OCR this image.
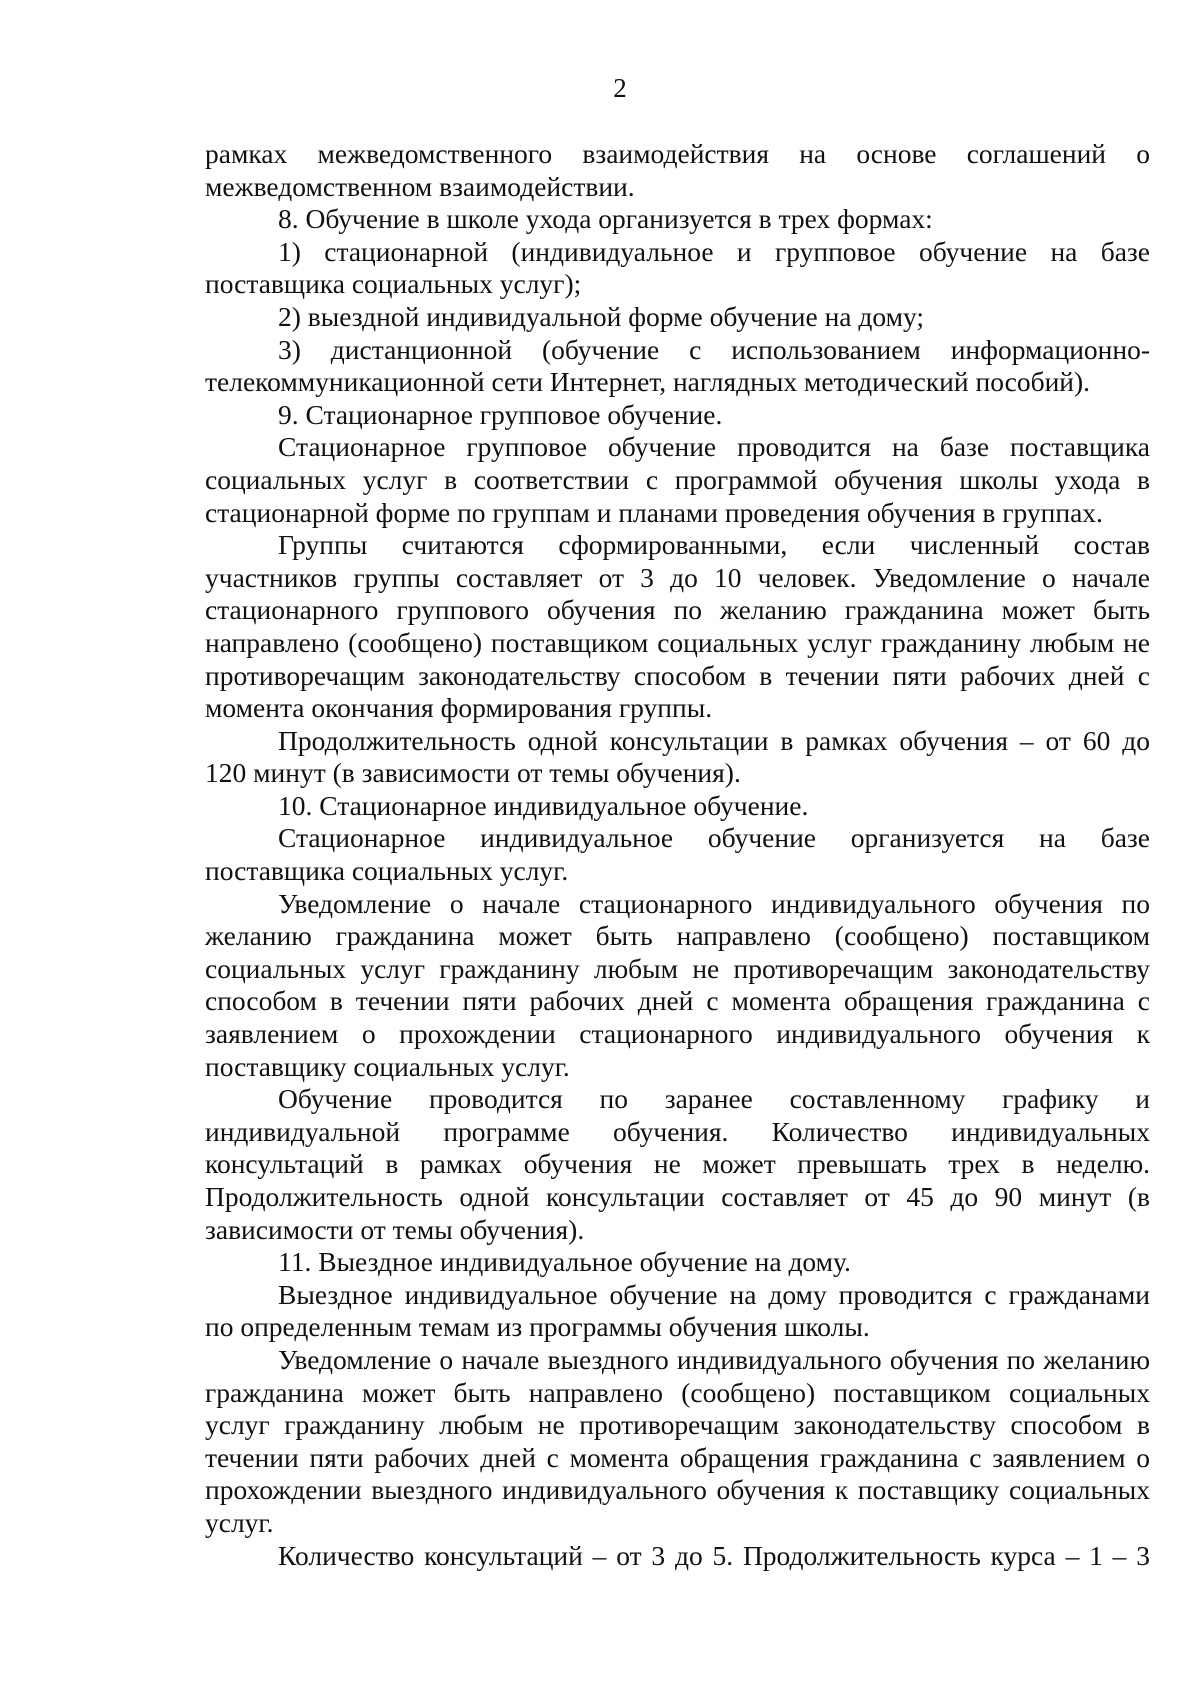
2

рамках межведомственного взаимодействия на основе соглашений о межведомственном взаимодействии.

8. Обучение в школе ухода организуется в трех формах:

1) стационарной (индивидуальное и групповое обучение на базе поставщика социальных услуг);

2) выездной индивидуальной форме обучение на дому;

3) дистанционной (обучение с использованием информационно-телекоммуникационной сети Интернет, наглядных методический пособий).

9. Стационарное групповое обучение.

Стационарное групповое обучение проводится на базе поставщика социальных услуг в соответствии с программой обучения школы ухода в стационарной форме по группам и планами проведения обучения в группах.

Группы считаются сформированными, если численный состав участников группы составляет от 3 до 10 человек. Уведомление о начале стационарного группового обучения по желанию гражданина может быть направлено (сообщено) поставщиком социальных услуг гражданину любым не противоречащим законодательству способом в течении пяти рабочих дней с момента окончания формирования группы.

Продолжительность одной консультации в рамках обучения – от 60 до 120 минут (в зависимости от темы обучения).

10. Стационарное индивидуальное обучение.

Стационарное индивидуальное обучение организуется на базе поставщика социальных услуг.

Уведомление о начале стационарного индивидуального обучения по желанию гражданина может быть направлено (сообщено) поставщиком социальных услуг гражданину любым не противоречащим законодательству способом в течении пяти рабочих дней с момента обращения гражданина с заявлением о прохождении стационарного индивидуального обучения к поставщику социальных услуг.

Обучение проводится по заранее составленному графику и индивидуальной программе обучения. Количество индивидуальных консультаций в рамках обучения не может превышать трех в неделю. Продолжительность одной консультации составляет от 45 до 90 минут (в зависимости от темы обучения).

11. Выездное индивидуальное обучение на дому.

Выездное индивидуальное обучение на дому проводится с гражданами по определенным темам из программы обучения школы.

Уведомление о начале выездного индивидуального обучения по желанию гражданина может быть направлено (сообщено) поставщиком социальных услуг гражданину любым не противоречащим законодательству способом в течении пяти рабочих дней с момента обращения гражданина с заявлением о прохождении выездного индивидуального обучения к поставщику социальных услуг.

Количество консультаций – от 3 до 5. Продолжительность курса – 1 – 3
